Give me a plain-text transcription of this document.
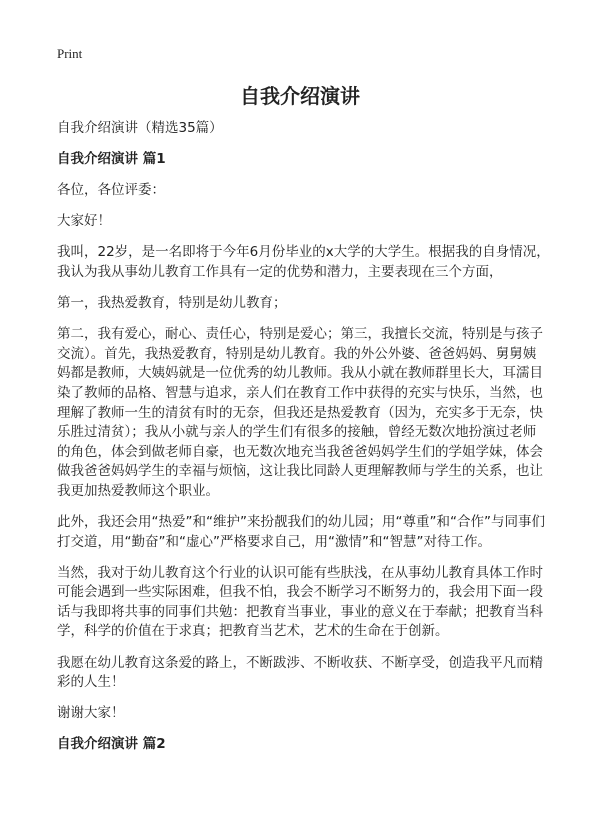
Print
自我介绍演讲

自我介绍演讲（精选35篇）

自我介绍演讲 篇1

各位，各位评委：

大家好！

我叫，22岁，是一名即将于今年6月份毕业的x大学的大学生。根据我的自身情况，
我认为我从事幼儿教育工作具有一定的优势和潜力，主要表现在三个方面，

第一，我热爱教育，特别是幼儿教育；

第二，我有爱心，耐心、责任心，特别是爱心；第三，我擅长交流，特别是与孩子
交流）。首先，我热爱教育，特别是幼儿教育。我的外公外婆、爸爸妈妈、舅舅姨
妈都是教师，大姨妈就是一位优秀的幼儿教师。我从小就在教师群里长大，耳濡目
染了教师的品格、智慧与追求，亲人们在教育工作中获得的充实与快乐，当然，也
理解了教师一生的清贫有时的无奈，但我还是热爱教育（因为，充实多于无奈，快
乐胜过清贫）；我从小就与亲人的学生们有很多的接触，曾经无数次地扮演过老师
的角色，体会到做老师自豪，也无数次地充当我爸爸妈妈学生们的学姐学妹，体会
做我爸爸妈妈学生的幸福与烦恼，这让我比同龄人更理解教师与学生的关系，也让
我更加热爱教师这个职业。

此外，我还会用“热爱”和“维护”来扮靓我们的幼儿园；用“尊重”和“合作”与同事们
打交道，用“勤奋”和“虚心”严格要求自己，用“激情”和“智慧”对待工作。

当然，我对于幼儿教育这个行业的认识可能有些肤浅，在从事幼儿教育具体工作时
可能会遇到一些实际困难，但我不怕，我会不断学习不断努力的，我会用下面一段
话与我即将共事的同事们共勉：把教育当事业，事业的意义在于奉献；把教育当科
学，科学的价值在于求真；把教育当艺术，艺术的生命在于创新。

我愿在幼儿教育这条爱的路上，不断跋涉、不断收获、不断享受，创造我平凡而精
彩的人生！

谢谢大家！

自我介绍演讲 篇2
